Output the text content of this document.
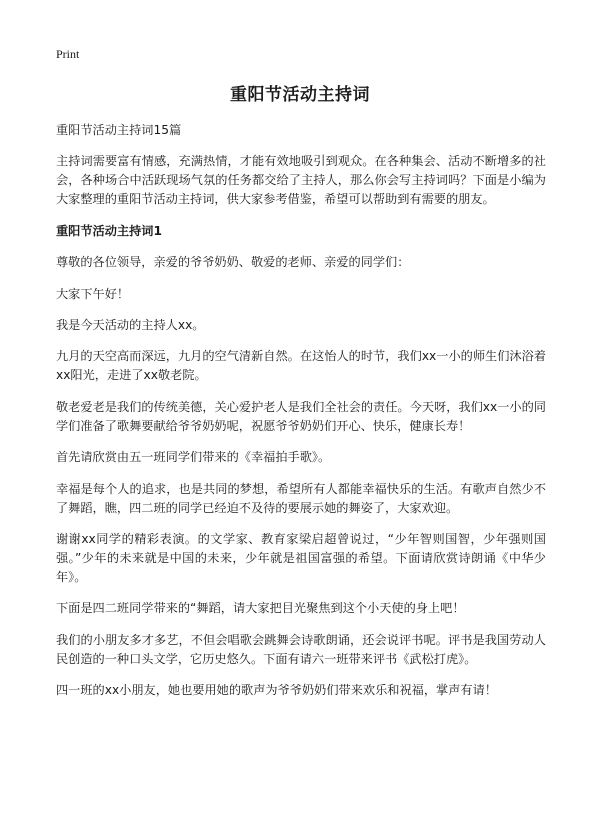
Print
重阳节活动主持词

重阳节活动主持词15篇

主持词需要富有情感，充满热情，才能有效地吸引到观众。在各种集会、活动不断增多的社会，各种场合中活跃现场气氛的任务都交给了主持人，那么你会写主持词吗？下面是小编为大家整理的重阳节活动主持词，供大家参考借鉴，希望可以帮助到有需要的朋友。

重阳节活动主持词1

尊敬的各位领导，亲爱的爷爷奶奶、敬爱的老师、亲爱的同学们：

大家下午好！

我是今天活动的主持人xx。

九月的天空高而深远，九月的空气清新自然。在这怡人的时节，我们xx一小的师生们沐浴着xx阳光，走进了xx敬老院。

敬老爱老是我们的传统美德，关心爱护老人是我们全社会的责任。今天呀，我们xx一小的同学们准备了歌舞要献给爷爷奶奶呢，祝愿爷爷奶奶们开心、快乐，健康长寿！

首先请欣赏由五一班同学们带来的《幸福拍手歌》。

幸福是每个人的追求，也是共同的梦想，希望所有人都能幸福快乐的生活。有歌声自然少不了舞蹈，瞧，四二班的同学已经迫不及待的要展示她的舞姿了，大家欢迎。

谢谢xx同学的精彩表演。的文学家、教育家梁启超曾说过，“少年智则国智，少年强则国强。”少年的未来就是中国的未来，少年就是祖国富强的希望。下面请欣赏诗朗诵《中华少年》。

下面是四二班同学带来的“舞蹈，请大家把目光聚焦到这个小天使的身上吧！

我们的小朋友多才多艺，不但会唱歌会跳舞会诗歌朗诵，还会说评书呢。评书是我国劳动人民创造的一种口头文学，它历史悠久。下面有请六一班带来评书《武松打虎》。

四一班的xx小朋友，她也要用她的歌声为爷爷奶奶们带来欢乐和祝福，掌声有请！
